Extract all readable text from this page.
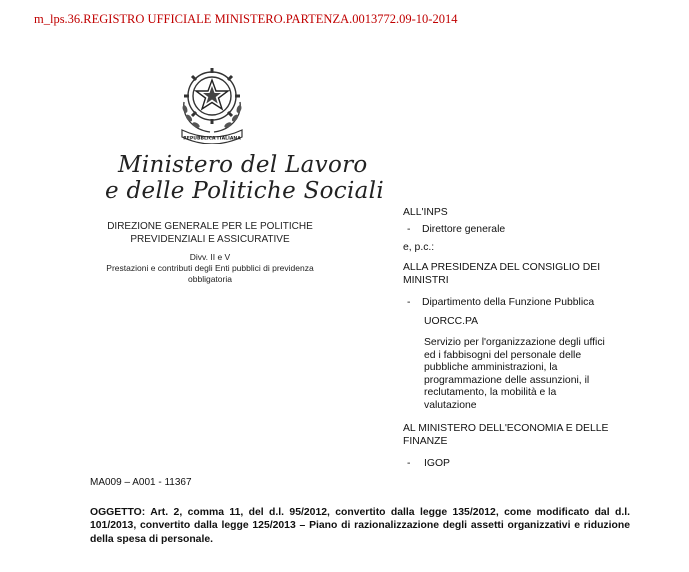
m_lps.36.REGISTRO UFFICIALE MINISTERO.PARTENZA.0013772.09-10-2014
REPUBBLICA ITALIANA
Ministero del Lavoro
e delle Politiche Sociali
DIREZIONE GENERALE PER LE POLITICHE
PREVIDENZIALI E ASSICURATIVE
Divv. II e V
Prestazioni e contributi degli Enti pubblici di previdenza
obbligatoria
ALL'INPS
- Direttore generale
e, p.c.:
ALLA PRESIDENZA DEL CONSIGLIO DEI
MINISTRI
- Dipartimento della Funzione Pubblica
UORCC.PA
Servizio per l'organizzazione degli uffici
ed i fabbisogni del personale delle
pubbliche amministrazioni, la
programmazione delle assunzioni, il
reclutamento, la mobilità e la
valutazione
AL MINISTERO DELL'ECONOMIA E DELLE
FINANZE
- IGOP
MA009 – A001 - 11367
OGGETTO: Art. 2, comma 11, del d.l. 95/2012, convertito dalla legge 135/2012, come modificato dal d.l. 101/2013, convertito dalla legge 125/2013 – Piano di razionalizzazione degli assetti organizzativi e riduzione della spesa di personale.
